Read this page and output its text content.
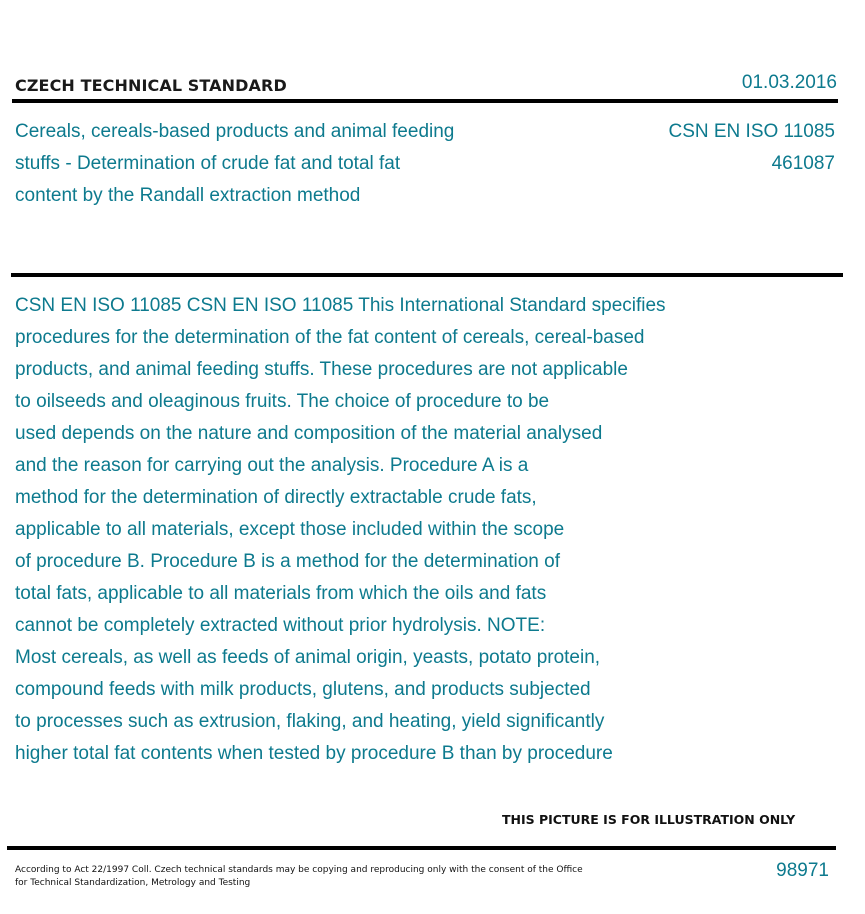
CZECH TECHNICAL STANDARD	01.03.2016
Cereals, cereals-based products and animal feeding
stuffs - Determination of crude fat and total fat
content by the Randall extraction method
CSN EN ISO 11085
461087
CSN EN ISO 11085 CSN EN ISO 11085 This International Standard specifies
procedures for the determination of the fat content of cereals, cereal-based
products, and animal feeding stuffs. These procedures are not applicable
to oilseeds and oleaginous fruits. The choice of procedure to be
used depends on the nature and composition of the material analysed
and the reason for carrying out the analysis. Procedure A is a
method for the determination of directly extractable crude fats,
applicable to all materials, except those included within the scope
of procedure B. Procedure B is a method for the determination of
total fats, applicable to all materials from which the oils and fats
cannot be completely extracted without prior hydrolysis. NOTE:
Most cereals, as well as feeds of animal origin, yeasts, potato protein,
compound feeds with milk products, glutens, and products subjected
to processes such as extrusion, flaking, and heating, yield significantly
higher total fat contents when tested by procedure B than by procedure
THIS PICTURE IS FOR ILLUSTRATION ONLY
According to Act 22/1997 Coll. Czech technical standards may be copying and reproducing only with the consent of the Office
for Technical Standardization, Metrology and Testing
98971
